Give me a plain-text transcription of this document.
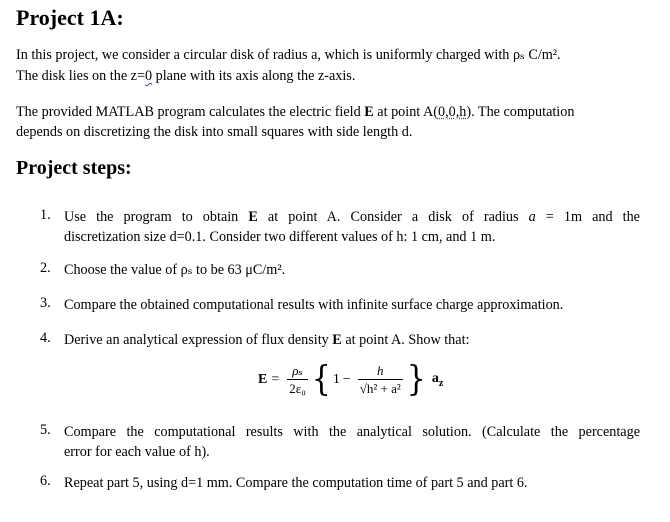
Project 1A:
In this project, we consider a circular disk of radius a, which is uniformly charged with ρₛ C/m².
The disk lies on the z=0 plane with its axis along the z-axis.
The provided MATLAB program calculates the electric field E at point A(0,0,h). The computation
depends on discretizing the disk into small squares with side length d.
Project steps:
1. Use the program to obtain E at point A. Consider a disk of radius a = 1m and the
discretization size d=0.1. Consider two different values of h: 1 cm, and 1 m.
2. Choose the value of ρₛ to be 63 μC/m².
3. Compare the obtained computational results with infinite surface charge approximation.
4. Derive an analytical expression of flux density E at point A. Show that:
$E = \frac{\text{ρₛ}}{\text{2ε₀}}$ { $1 - \frac{h}{\text{√h² + a²}}$ } $a_z$
5. Compare the computational results with the analytical solution. (Calculate the percentage
error for each value of h).
6. Repeat part 5, using d=1 mm. Compare the computation time of part 5 and part 6.
